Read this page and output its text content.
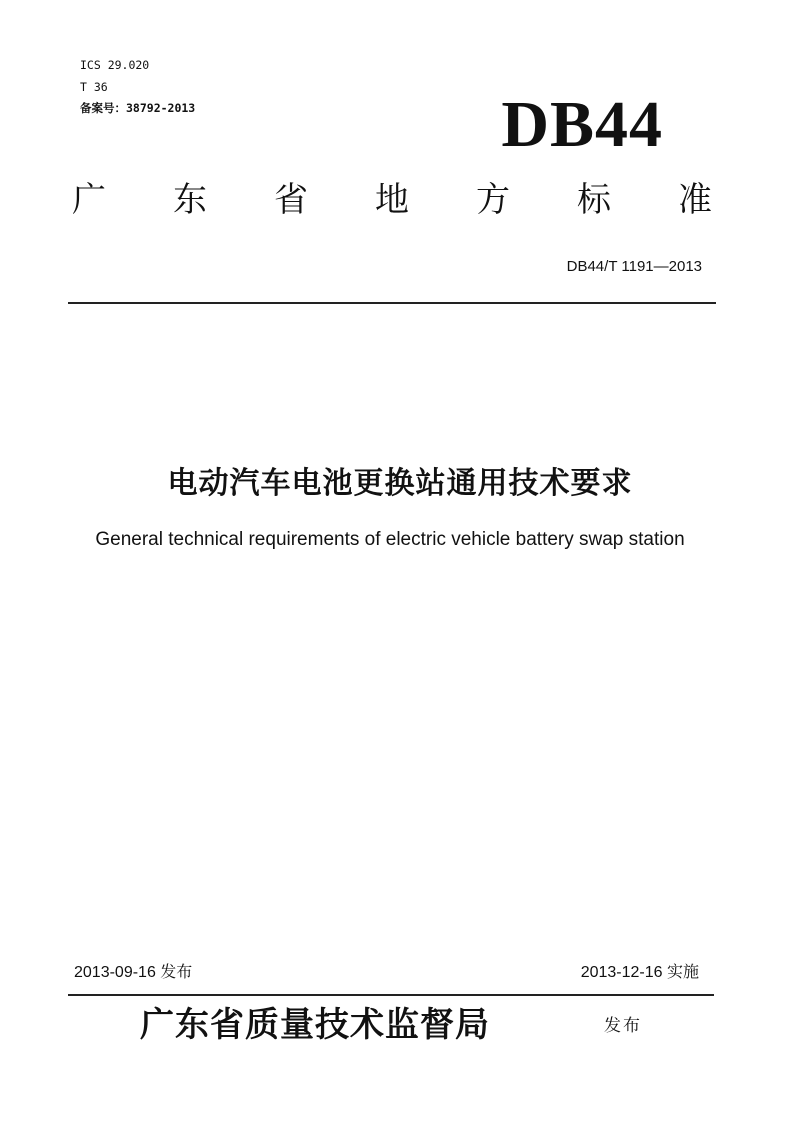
ICS 29.020

T 36

备案号：38792-2013	DB44
广 东 省 地 方 标 准
DB44/T 1191—2013
电动汽车电池更换站通用技术要求
General technical requirements of electric vehicle battery swap station
2013-09-16 发布	2013-12-16 实施
广东省质量技术监督局	发布
